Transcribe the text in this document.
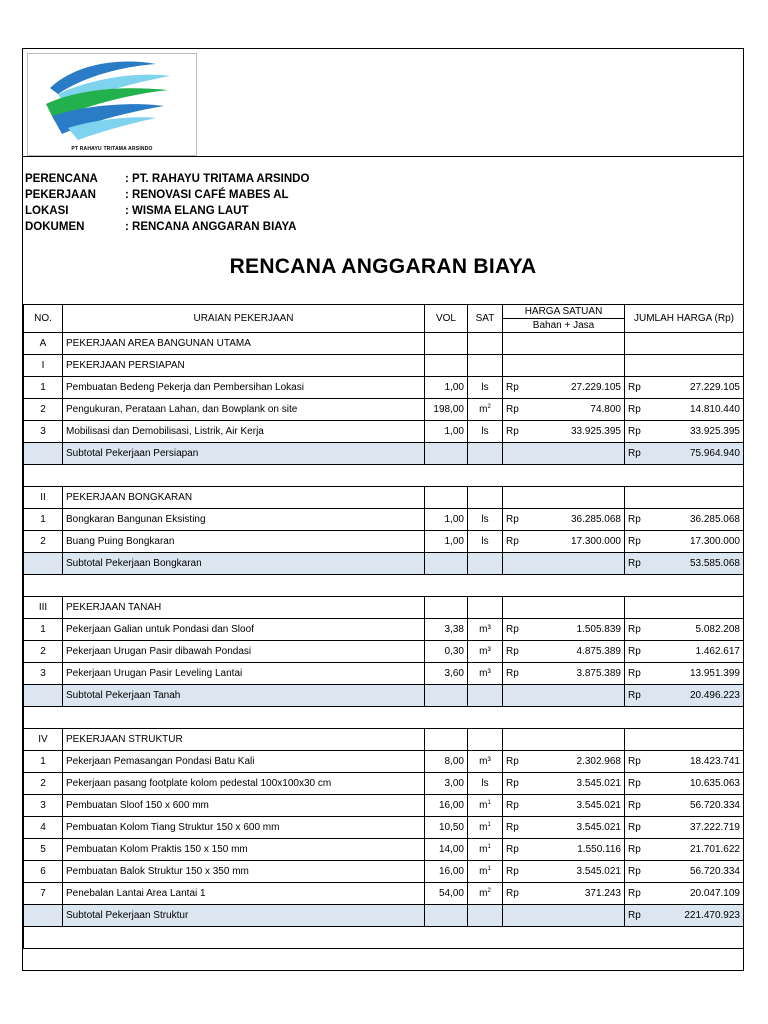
PT RAHAYU TRITAMA ARSINDO
PERENCANA : PT. RAHAYU TRITAMA ARSINDO
PEKERJAAN	: RENOVASI CAFÉ MABES AL
LOKASI	: WISMA ELANG LAUT
DOKUMEN	: RENCANA ANGGARAN BIAYA
RENCANA ANGGARAN BIAYA
NO.	URAIAN PEKERJAAN	VOL	SAT	HARGA SATUAN	JUMLAH HARGA (Rp)
				Bahan + Jasa	
A	PEKERJAAN AREA BANGUNAN UTAMA				
I	PEKERJAAN PERSIAPAN				
1	Pembuatan Bedeng Pekerja dan Pembersihan Lokasi	1,00	ls	Rp 27.229.105	Rp 27.229.105

2	Pengukuran, Perataan Lahan, dan Bowplank on site	198,00	$m^2$	Rp 74.800	Rp 14.810.440

3	Mobilisasi dan Demobilisasi, Listrik, Air Kerja	1,00	ls	Rp 33.925.395	Rp 33.925.395

	Subtotal Pekerjaan Persiapan				Rp 75.964.940

II	PEKERJAAN BONGKARAN				
1	Bongkaran Bangunan Eksisting	1,00	ls	Rp 36.285.068	Rp 36.285.068

2	Buang Puing Bongkaran	1,00	ls	Rp 17.300.000	Rp 17.300.000

	Subtotal Pekerjaan Bongkaran				Rp 53.585.068

III	PEKERJAAN TANAH				
1	Pekerjaan Galian untuk Pondasi dan Sloof	3,38	m³	Rp 1.505.839	Rp 5.082.208

2	Pekerjaan Urugan Pasir dibawah Pondasi	0,30	m³	Rp 4.875.389	Rp 1.462.617

3	Pekerjaan Urugan Pasir Leveling Lantai	3,60	m³	Rp 3.875.389	Rp 13.951.399

	Subtotal Pekerjaan Tanah				Rp 20.496.223

IV	PEKERJAAN STRUKTUR				
1	Pekerjaan Pemasangan Pondasi Batu Kali	8,00	m³	Rp 2.302.968	Rp 18.423.741

2	Pekerjaan pasang footplate kolom pedestal 100x100x30 cm	3,00	ls	Rp 3.545.021	Rp 10.635.063

3	Pembuatan Sloof 150 x 600 mm	16,00	$m^1$	Rp 3.545.021	Rp 56.720.334

4	Pembuatan Kolom Tiang Struktur 150 x 600 mm	10,50	$m^1$	Rp 3.545.021	Rp 37.222.719

5	Pembuatan Kolom Praktis 150 x 150 mm	14,00	$m^1$	Rp 1.550.116	Rp 21.701.622

6	Pembuatan Balok Struktur 150 x 350 mm	16,00	$m^1$	Rp 3.545.021	Rp 56.720.334

7	Penebalan Lantai Area Lantai 1	54,00	$m^2$	Rp 371.243	Rp 20.047.109

	Subtotal Pekerjaan Struktur				Rp 221.470.923
